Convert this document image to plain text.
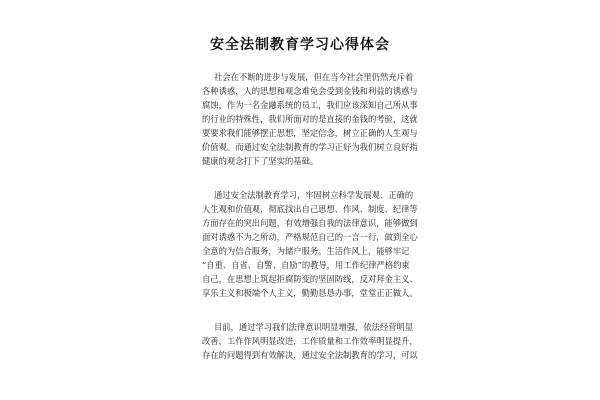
安全法制教育学习心得体会
社会在不断的进步与发展，但在当今社会里仍然充斥着
各种诱惑，人的思想和观念难免会受到金钱和利益的诱惑与
腐蚀，作为一名金融系统的员工，我们应该深知自己所从事
的行业的特殊性，我们所面对的是直接的金钱的考验，这就
要要求我们能够摆正思想，坚定信念，树立正确的人生观与
价值观。而通过安全法制教育的学习正好为我们树立良好指
健康的观念打下了坚实的基础。
通过安全法制教育学习，牢固树立科学发展观、正确的
人生观和价值观，彻底找出自己思想、作风、制度、纪律等
方面存在的突出问题，有效增强自我的法律意识，能够做到
面对诱惑不为之所动，严格规范自己的一言一行，做到全心
全意的为信合服务，为储户服务。生活作风上，能够牢记
“自重、自省、自警、自励”的教导，用工作纪律严格约束
自己，在思想上筑起拒腐防变的坚固防线，反对拜金主义、
享乐主义和极端个人主义，勤勤恳恳办事，堂堂正正做人。
目前，通过学习我们法律意识明显增强，依法经营明显
改善，工作作风明显改进，工作质量和工作效率明显提升，
存在的问题得到有效解决，通过安全法制教育的学习，可以
